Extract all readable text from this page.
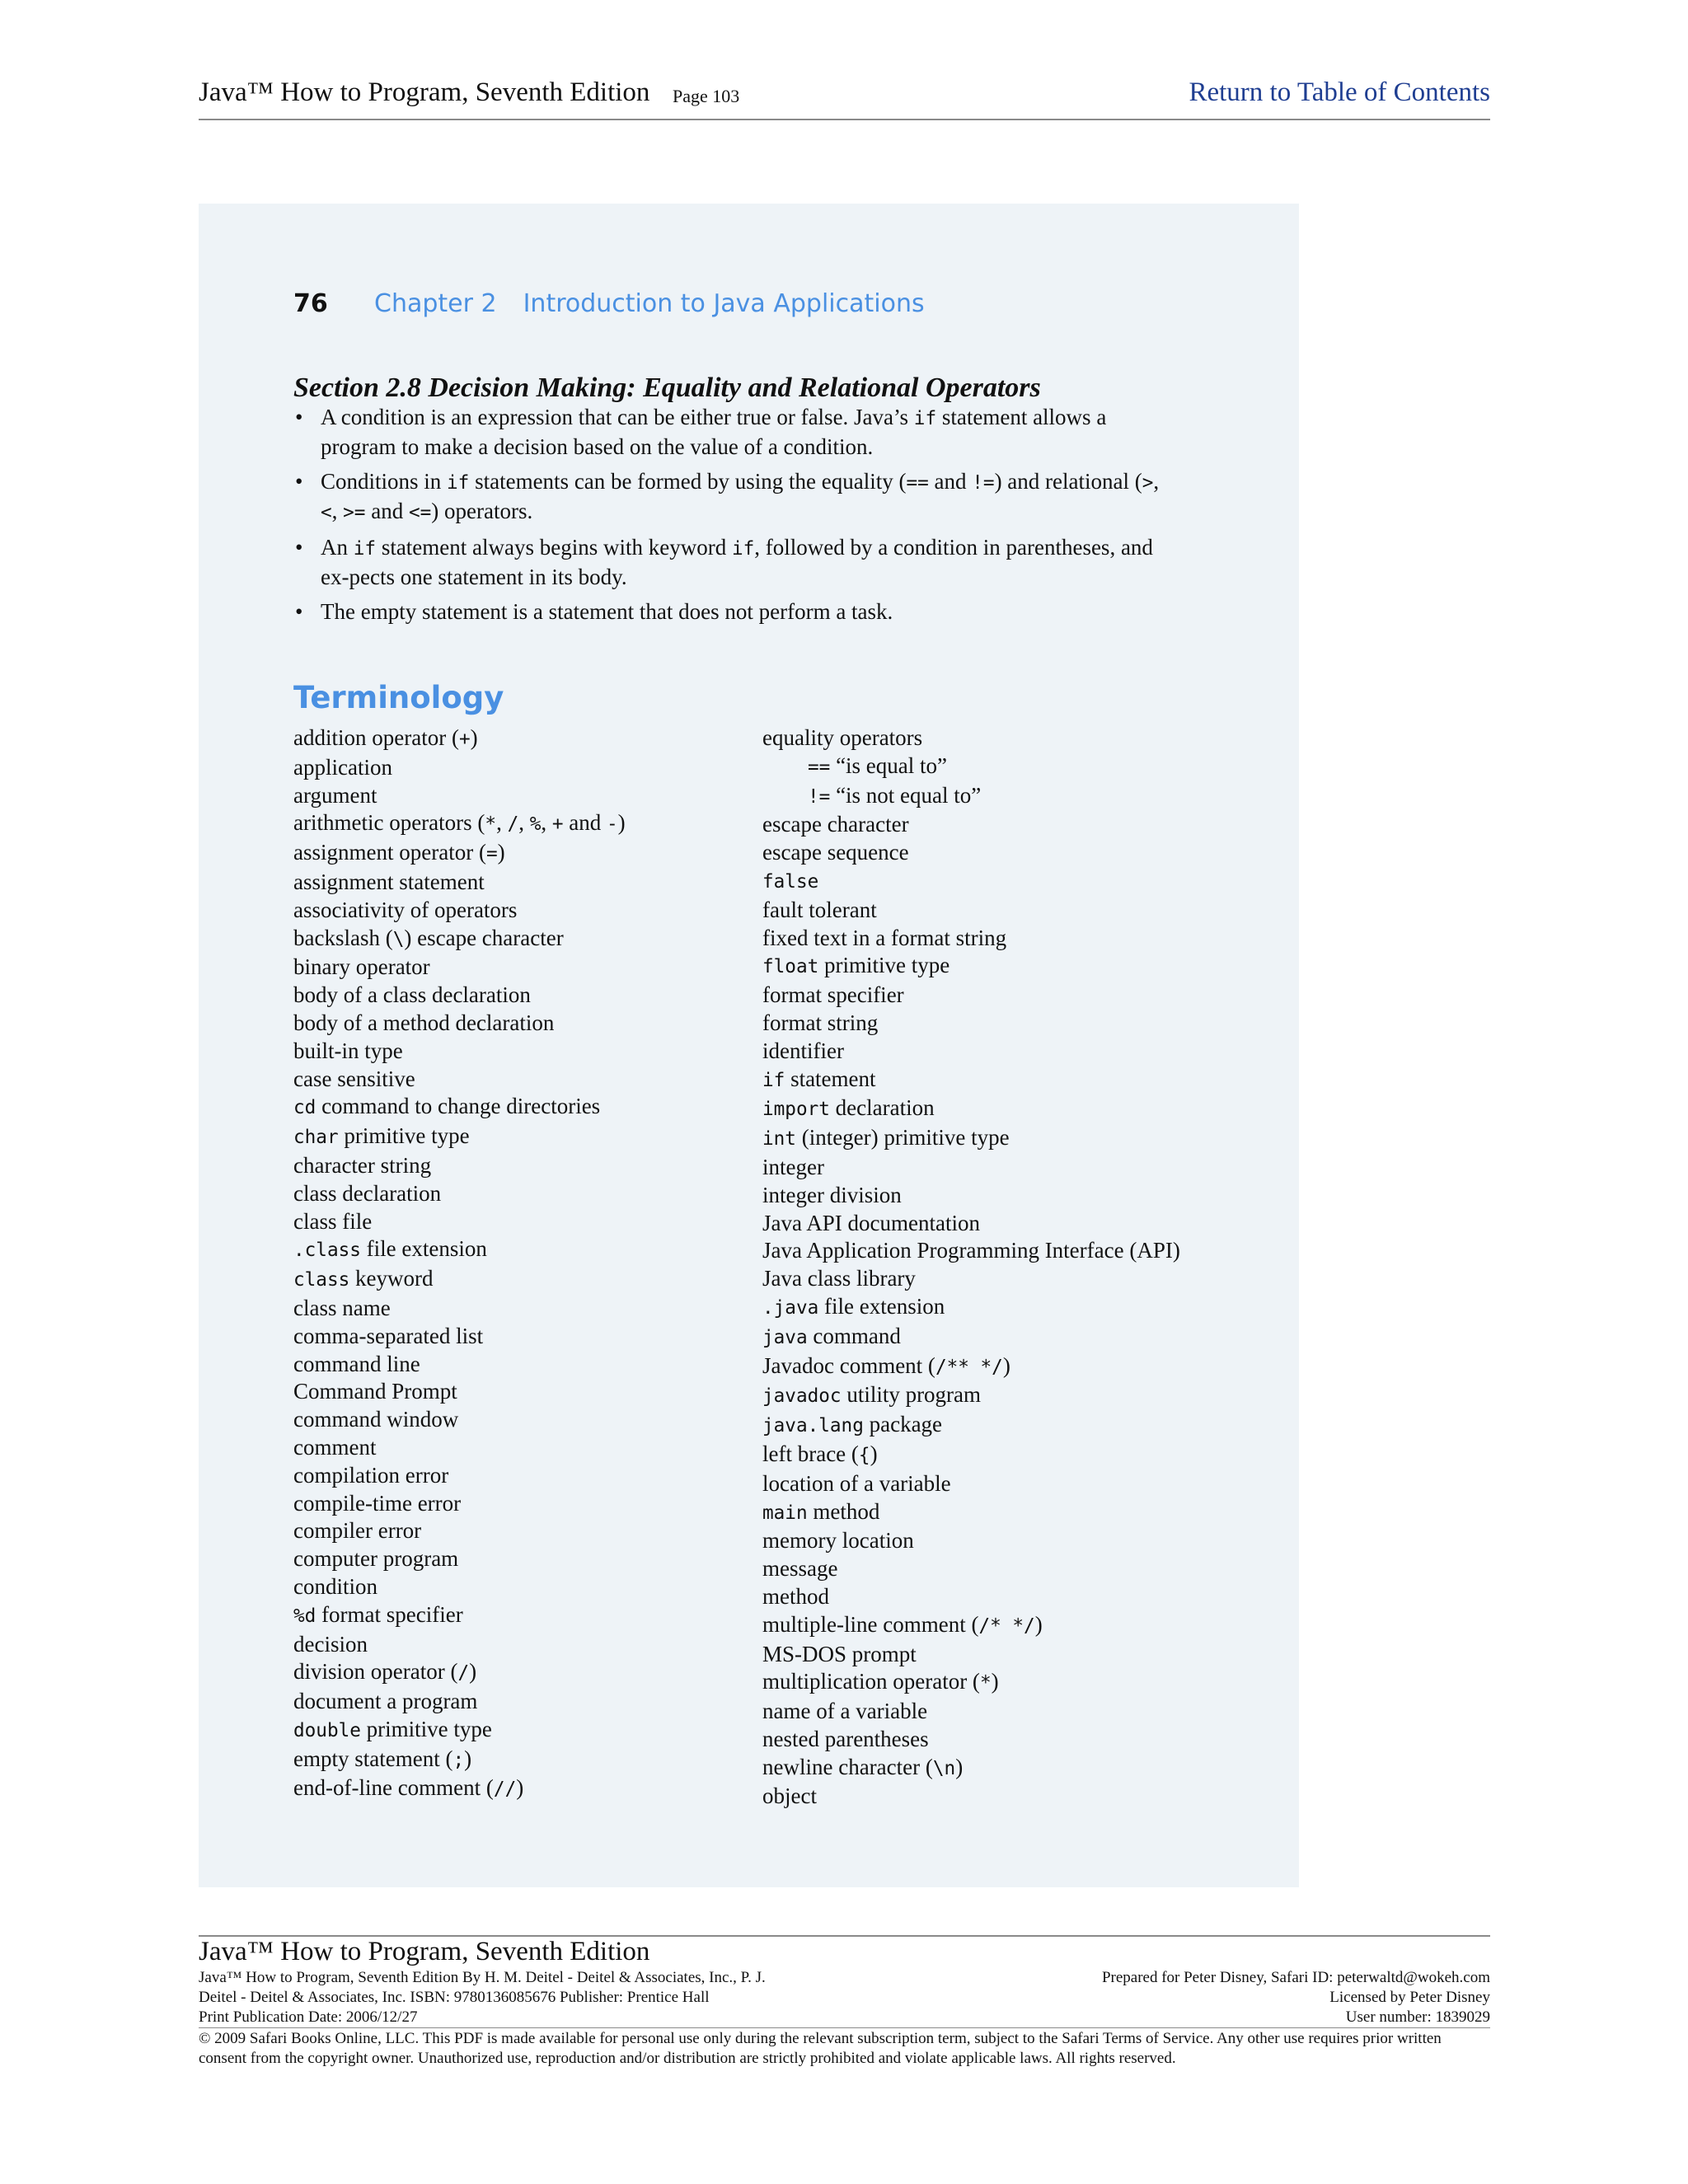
Java™ How to Program, Seventh Edition Page 103	Return to Table of Contents
76 Chapter 2 Introduction to Java Applications
Section 2.8 Decision Making: Equality and Relational Operators
• A condition is an expression that can be either true or false. Java’s if statement allows a program to make a decision based on the value of a condition.
• Conditions in if statements can be formed by using the equality (== and !=) and relational (>, <, >= and <=) operators.
• An if statement always begins with keyword if, followed by a condition in parentheses, and ex-pects one statement in its body.
• The empty statement is a statement that does not perform a task.
Terminology
addition operator (+)
application
argument
arithmetic operators (*, /, %, + and -)
assignment operator (=)
assignment statement
associativity of operators
backslash (\) escape character
binary operator
body of a class declaration
body of a method declaration
built-in type
case sensitive
cd command to change directories
char primitive type
character string
class declaration
class file
.class file extension
class keyword
class name
comma-separated list
command line
Command Prompt
command window
comment
compilation error
compile-time error
compiler error
computer program
condition
%d format specifier
decision
division operator (/)
document a program
double primitive type
empty statement (;)
end-of-line comment (//)
equality operators
== “is equal to”
!= “is not equal to”
escape character
escape sequence
false
fault tolerant
fixed text in a format string
float primitive type
format specifier
format string
identifier
if statement
import declaration
int (integer) primitive type
integer
integer division
Java API documentation
Java Application Programming Interface (API)
Java class library
.java file extension
java command
Javadoc comment (/** */)
javadoc utility program
java.lang package
left brace ({)
location of a variable
main method
memory location
message
method
multiple-line comment (/* */)
MS-DOS prompt
multiplication operator (*)
name of a variable
nested parentheses
newline character (\n)
object
Java™ How to Program, Seventh Edition
Java™ How to Program, Seventh Edition By H. M. Deitel - Deitel & Associates, Inc., P. J.
Deitel - Deitel & Associates, Inc. ISBN: 9780136085676 Publisher: Prentice Hall
Print Publication Date: 2006/12/27
Prepared for Peter Disney, Safari ID: peterwaltd@wokeh.com
Licensed by Peter Disney
User number: 1839029
© 2009 Safari Books Online, LLC. This PDF is made available for personal use only during the relevant subscription term, subject to the Safari Terms of Service. Any other use requires prior written consent from the copyright owner. Unauthorized use, reproduction and/or distribution are strictly prohibited and violate applicable laws. All rights reserved.
